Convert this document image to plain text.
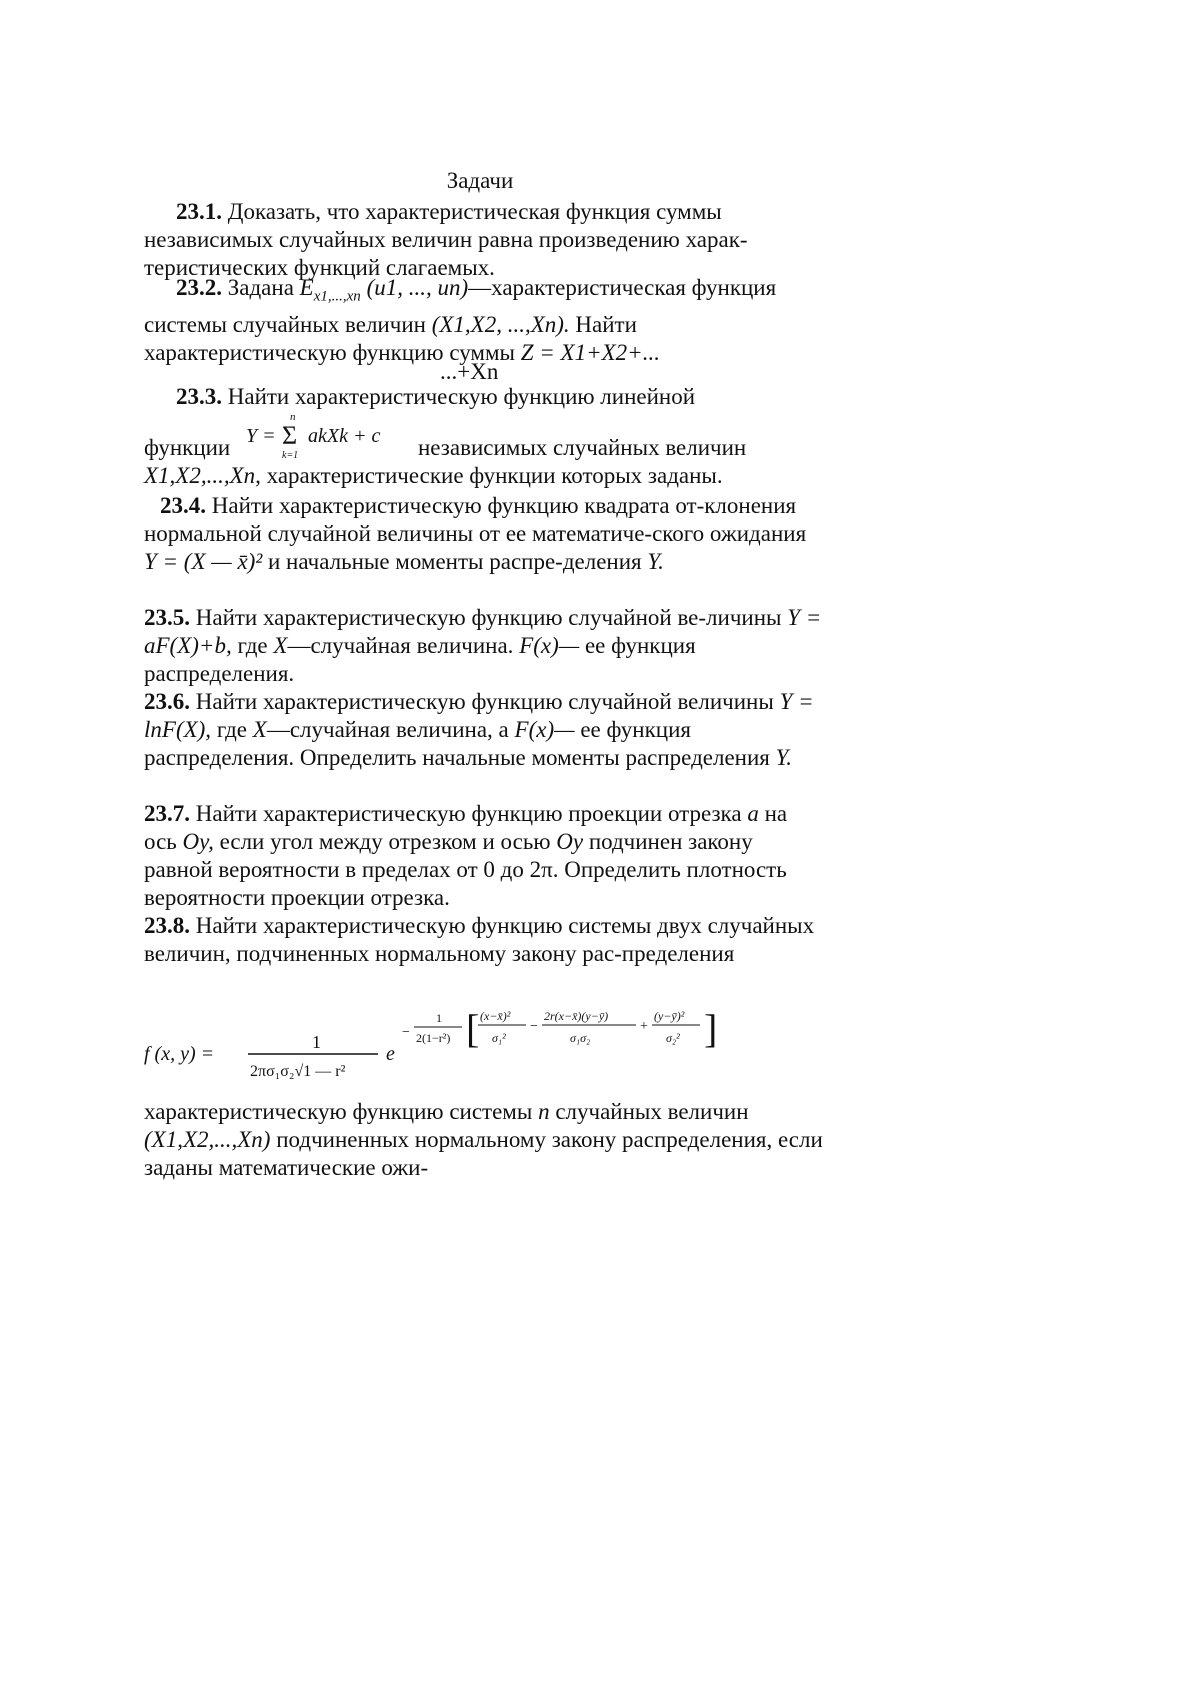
Задачи
23.1. Доказать, что характеристическая функция суммы независимых случайных величин равна произведению харак-теристических функций слагаемых.
23.2. Задана $E_{x1,...,xn}$ (u1, ..., un)—характеристическая функция системы случайных величин (X1,X2, ...,Xn). Найти характеристическую функцию суммы Z = X1+X2+...
...+Xn
23.3. Найти характеристическую функцию линейной
функции Y =
n
Σ
k=1
akXk + c независимых случайных величин
X1,X2,...,Xn, характеристические функции которых заданы.
23.4. Найти характеристическую функцию квадрата от-клонения нормальной случайной величины от ее математиче-ского ожидания Y = (X — x̄)² и начальные моменты распре-деления Y.
23.5. Найти характеристическую функцию случайной ве-личины Y = aF(X)+b, где X—случайная величина. F(x)— ее функция распределения.
23.6. Найти характеристическую функцию случайной величины Y = lnF(X), где X—случайная величина, а F(x)— ее функция распределения. Определить начальные моменты распределения Y.
23.7. Найти характеристическую функцию проекции отрезка a на ось Oy, если угол между отрезком и осью Oy подчинен закону равной вероятности в пределах от 0 до 2π. Определить плотность вероятности проекции отрезка.
23.8. Найти характеристическую функцию системы двух случайных величин, подчиненных нормальному закону рас-пределения
f (x, y) =
1
2πσ₁σ₂√1 — r²
e
−
1
2(1−r²) [ (x−x̄)²
σ₁²
−
2r(x−x̄)(y−ȳ)
σ₁σ₂
+
(y−ȳ)²
σ₂² ]
характеристическую функцию системы n случайных величин (X1,X2,...,Xn) подчиненных нормальному закону распределения, если заданы математические ожи-
